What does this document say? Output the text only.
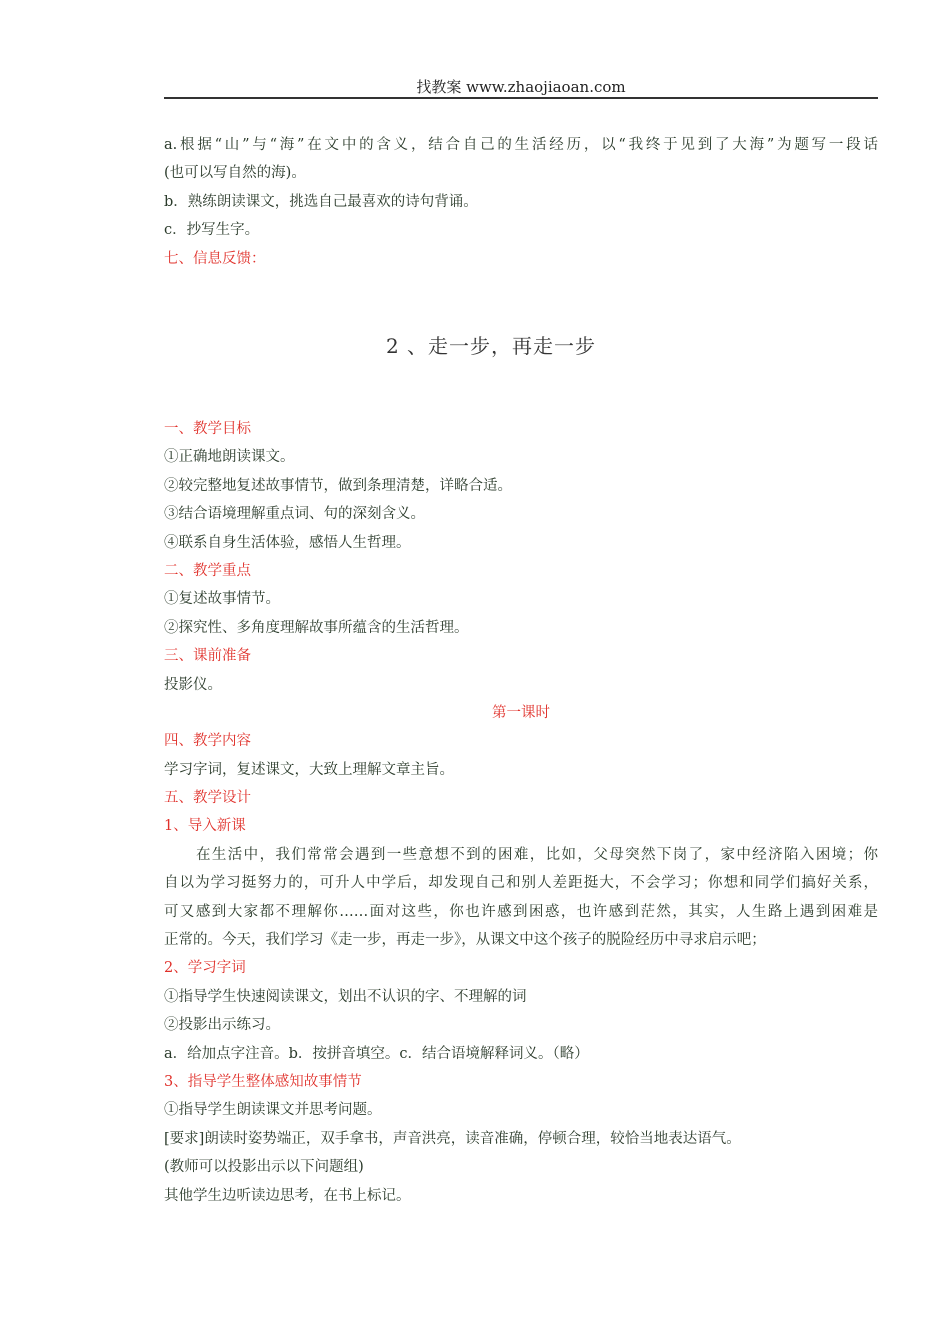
找教案 www.zhaojiaoan.com
a.根据“山”与“海”在文中的含义，结合自己的生活经历，以“我终于见到了大海”为题写一段话
(也可以写自然的海)。
b．熟练朗读课文，挑选自己最喜欢的诗句背诵。
c．抄写生字。
七、信息反馈：
2 、走一步，再走一步
一、教学目标
①正确地朗读课文。
②较完整地复述故事情节，做到条理清楚，详略合适。
③结合语境理解重点词、句的深刻含义。
④联系自身生活体验，感悟人生哲理。
二、教学重点
①复述故事情节。
②探究性、多角度理解故事所蕴含的生活哲理。
三、课前准备
投影仪。
第一课时
四、教学内容
学习字词，复述课文，大致上理解文章主旨。
五、教学设计
1、导入新课
在生活中，我们常常会遇到一些意想不到的困难，比如，父母突然下岗了，家中经济陷入困境；你
自以为学习挺努力的，可升人中学后，却发现自己和别人差距挺大，不会学习；你想和同学们搞好关系，
可又感到大家都不理解你……面对这些，你也许感到困惑，也许感到茫然，其实，人生路上遇到困难是
正常的。今天，我们学习《走一步，再走一步》，从课文中这个孩子的脱险经历中寻求启示吧；
2、学习字词
①指导学生快速阅读课文，划出不认识的字、不理解的词
②投影出示练习。
a．给加点字注音。b．按拼音填空。c．结合语境解释词义。（略）
3、指导学生整体感知故事情节
①指导学生朗读课文并思考问题。
[要求]朗读时姿势端正，双手拿书，声音洪亮，读音准确，停顿合理，较恰当地表达语气。
(教师可以投影出示以下问题组)
其他学生边听读边思考，在书上标记。
